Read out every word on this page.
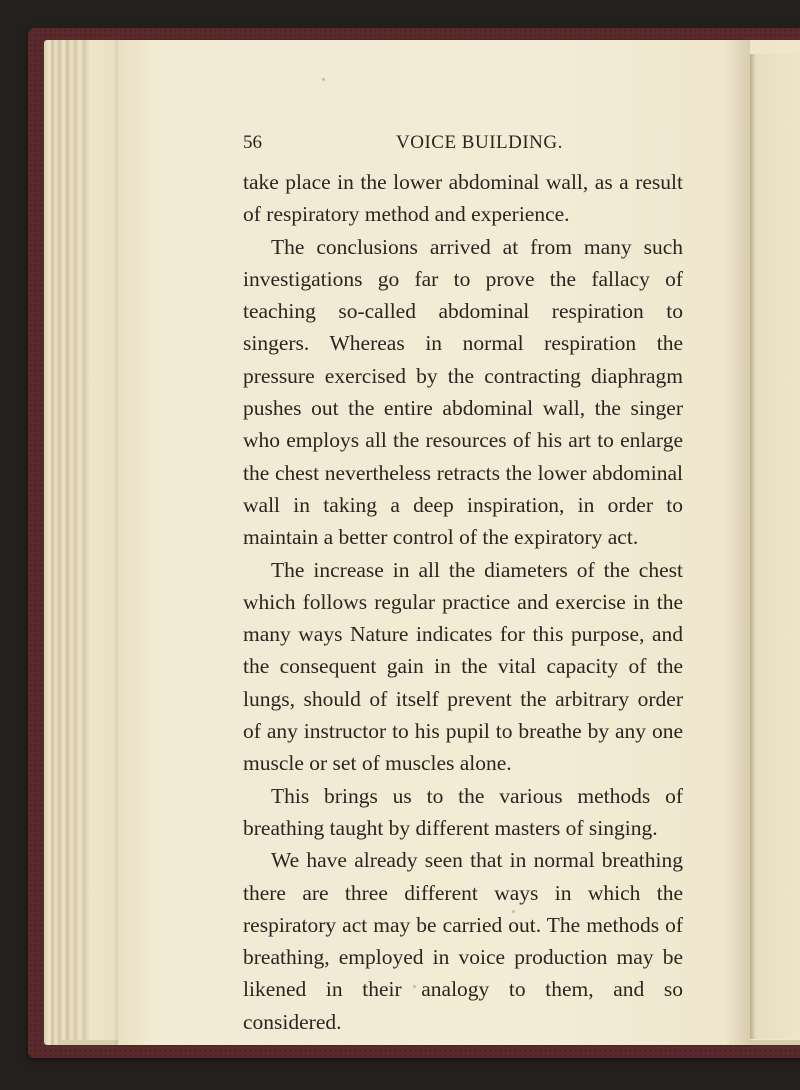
56	VOICE BUILDING.

take place in the lower abdominal wall, as a result of respiratory method and experience.

The conclusions arrived at from many such investigations go far to prove the fallacy of teaching so-called abdominal respiration to singers. Whereas in normal respiration the pressure exercised by the contracting diaphragm pushes out the entire abdominal wall, the singer who employs all the resources of his art to enlarge the chest nevertheless retracts the lower abdominal wall in taking a deep inspiration, in order to maintain a better control of the expiratory act.

The increase in all the diameters of the chest which follows regular practice and exercise in the many ways Nature indicates for this purpose, and the consequent gain in the vital capacity of the lungs, should of itself prevent the arbitrary order of any instructor to his pupil to breathe by any one muscle or set of muscles alone.

This brings us to the various methods of breathing taught by different masters of singing.

We have already seen that in normal breathing there are three different ways in which the respiratory act may be carried out. The methods of breathing, employed in voice production may be likened in their analogy to them, and so considered.
